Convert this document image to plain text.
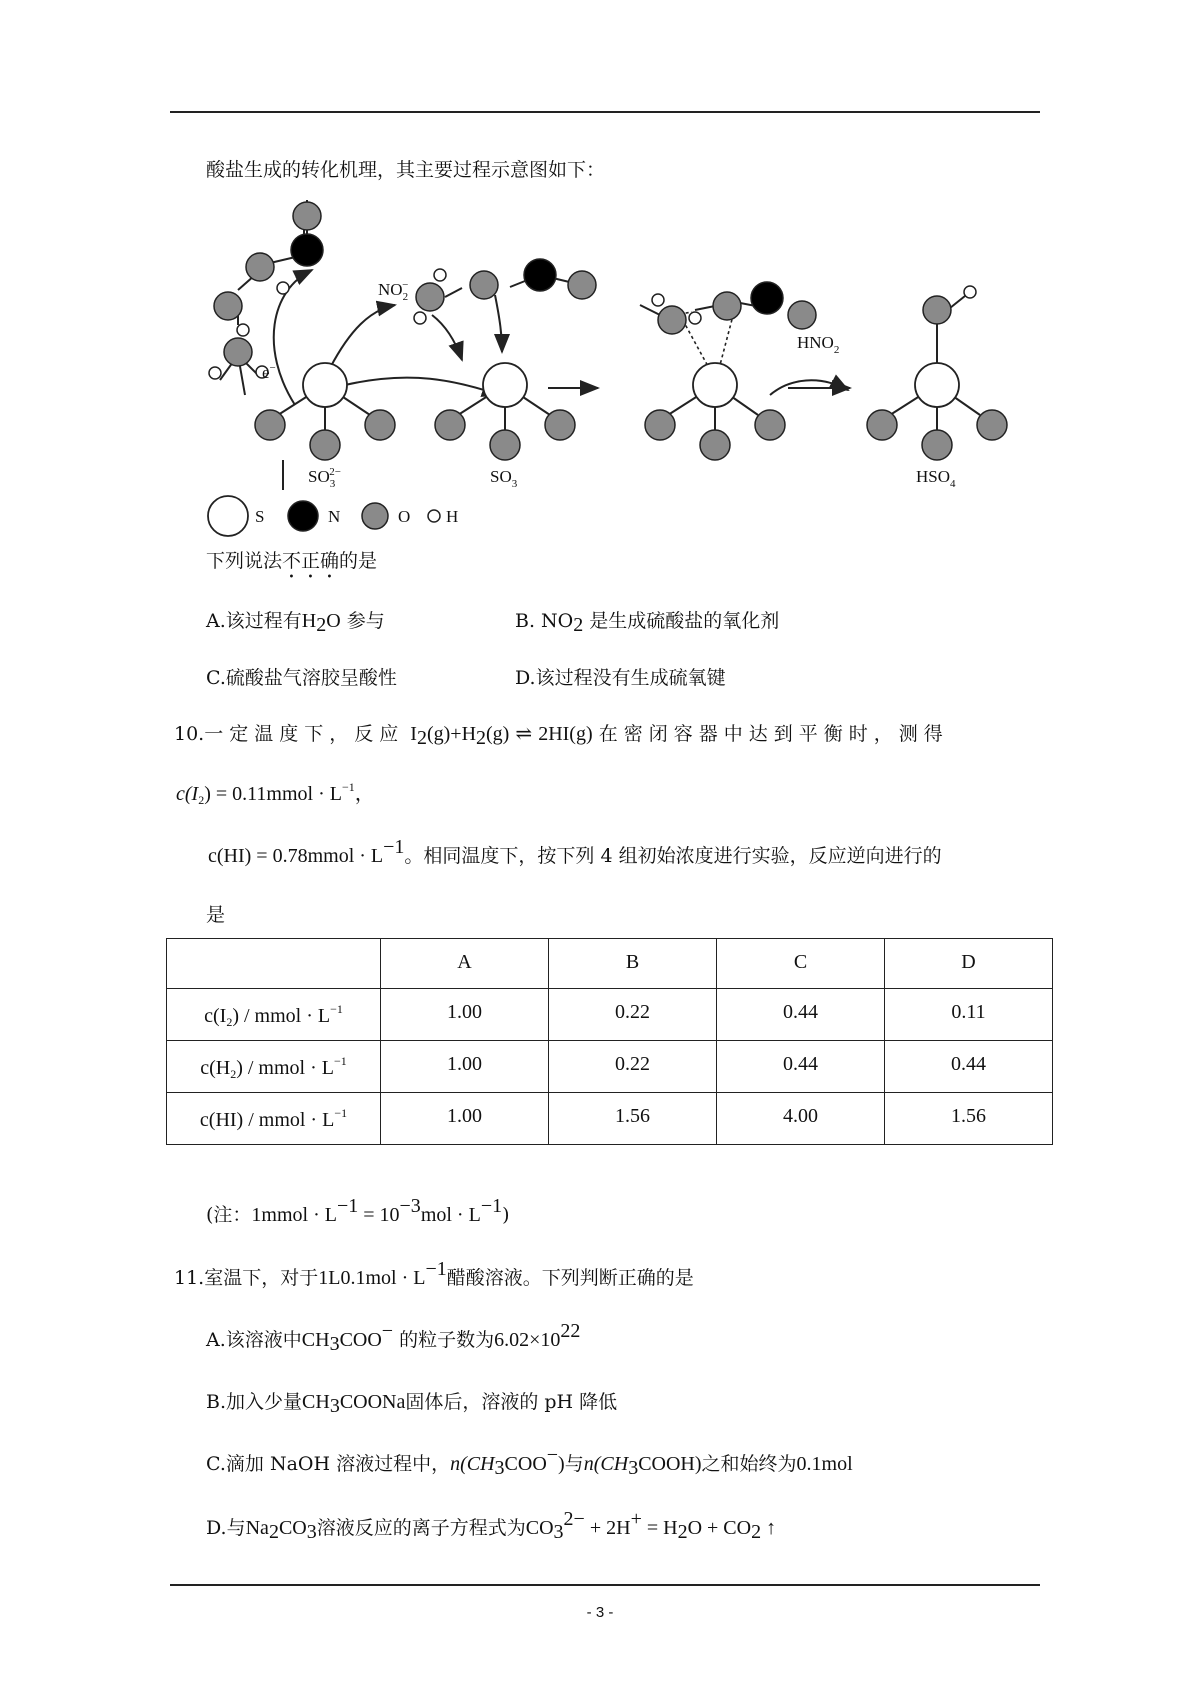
酸盐生成的转化机理，其主要过程示意图如下：
e−
$NO_2-$
$SO_32-$	$SO_3$
$HNO_2$
$HSO_4$
S	N	O H
下列说法不正确的是
A.该过程有$H_2O$ 参与	B. $NO_2$ 是生成硫酸盐的氧化剂
C.硫酸盐气溶胶呈酸性	D.该过程没有生成硫氧键
10.一定温度下，反应 $I_2(g)+H_2(g)$ ⇌ 2HI(g) 在密闭容器中达到平衡时，测得
$c(I_2)$ = 0.11mmol · $L^{-1}$，
c(HI) = 0.78mmol · $L^{-1}$。相同温度下，按下列 4 组初始浓度进行实验，反应逆向进行的
是
	A	B	C	D
$c(I_2)$ / mmol · $L^{-1}$	1.00	0.22	0.44	0.11
$c(H_2)$ / mmol · $L^{-1}$	1.00	0.22	0.44	0.44
c(HI) / mmol · $L^{-1}$	1.00	1.56	4.00	1.56
(注：1mmol · $L^{-1} = 10^{-3}mol \cdot L^{-1}$)
11.室温下，对于$1L0.1mol \cdot L^{-1}$醋酸溶液。下列判断正确的是
A.该溶液中$CH_3COO^-$ 的粒子数为$6.02\times 10^{22}$
B.加入少量$CH_3COONa$固体后，溶液的 pH 降低
C.滴加 NaOH 溶液过程中，$n(CH_3COO^-)$与$n(CH_3COOH)$之和始终为0.1mol
D.与$Na_2CO_3$溶液反应的离子方程式为$CO_3^{2-} + 2H^+ = H_2O + CO_2$ ↑
- 3 -
